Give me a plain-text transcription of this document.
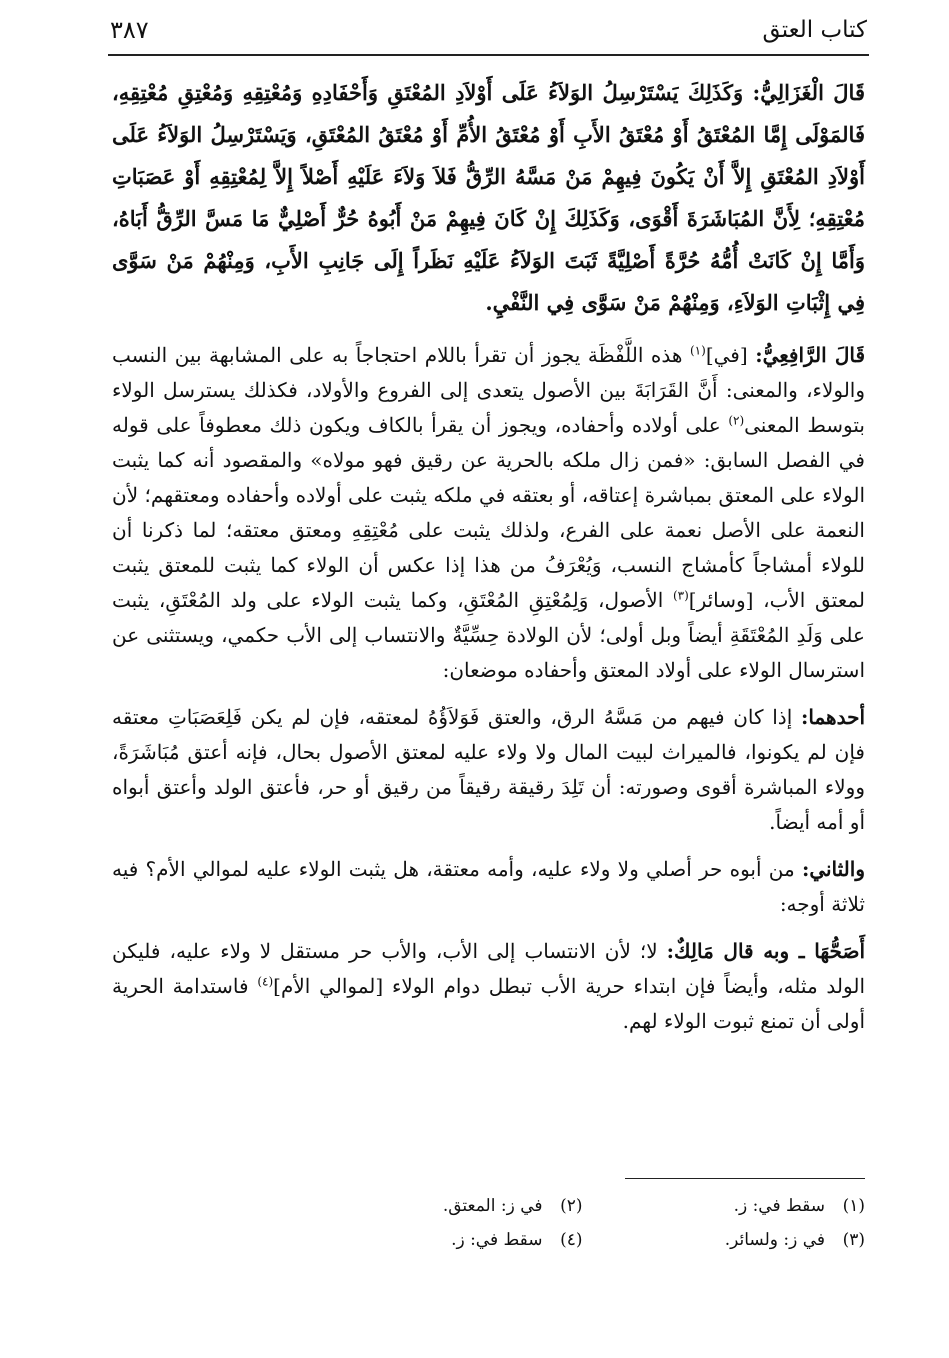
كتاب العتق
٣٨٧

قَالَ الْغَزَالِيُّ: وَكَذَلِكَ يَسْتَرْسِلُ الوَلاَءُ عَلَى أَوْلاَدِ المُعْتَقِ وَأَحْفَادِهِ وَمُعْتِقِهِ وَمُعْتِقِ مُعْتِقِهِ، فَالمَوْلَى إِمَّا المُعْتَقُ أَوْ مُعْتَقُ الأَبِ أَوْ مُعْتَقُ الأُمِّ أَوْ مُعْتَقُ المُعْتَقِ، وَيَسْتَرْسِلُ الوَلاَءُ عَلَى أَوْلاَدِ المُعْتَقِ إِلاَّ أَنْ يَكُونَ فِيهِمْ مَنْ مَسَّهُ الرِّقُّ فَلاَ وَلاَءَ عَلَيْهِ أَصْلاً إِلاَّ لِمُعْتِقِهِ أَوْ عَصَبَاتِ مُعْتِقِهِ؛ لِأَنَّ المُبَاشَرَةَ أَقْوَى، وَكَذَلِكَ إِنْ كَانَ فِيهِمْ مَنْ أَبُوهُ حُرٌّ أَصْلِيٌّ مَا مَسَّ الرِّقُّ أَبَاهُ، وَأَمَّا إِنْ كَانَتْ أُمُّهُ حُرَّةً أَصْلِيَّةً ثَبَتَ الوَلاَءُ عَلَيْهِ نَظَراً إِلَى جَانِبِ الأَبِ، وَمِنْهُمْ مَنْ سَوَّى فِي إِثْبَاتِ الوَلاَءِ، وَمِنْهُمْ مَنْ سَوَّى فِي النَّفْيِ.

قَالَ الرَّافِعِيُّ: [في]$^{(١)}$ هذه اللَّفْظَة يجوز أن تقرأ باللام احتجاجاً به على المشابهة بين النسب والولاء، والمعنى: أَنَّ القَرَابَةَ بين الأصول يتعدى إلى الفروع والأولاد، فكذلك يسترسل الولاء بتوسط المعنى$^{(٢)}$ على أولاده وأحفاده، ويجوز أن يقرأ بالكاف ويكون ذلك معطوفاً على قوله في الفصل السابق: «فمن زال ملكه بالحرية عن رقيق فهو مولاه» والمقصود أنه كما يثبت الولاء على المعتق بمباشرة إعتاقه، أو بعتقه في ملكه يثبت على أولاده وأحفاده ومعتقهم؛ لأن النعمة على الأصل نعمة على الفرع، ولذلك يثبت على مُعْتِقِهِ ومعتق معتقه؛ لما ذكرنا أن للولاء أمشاجاً كأمشاج النسب، وَيُعْرَفُ من هذا إذا عكس أن الولاء كما يثبت للمعتق يثبت لمعتق الأب، [وسائر]$^{(٣)}$ الأصول، وَلِمُعْتِقِ المُعْتَقِ، وكما يثبت الولاء على ولد المُعْتَقِ، يثبت على وَلَدِ المُعْتَقَةِ أيضاً وبل أولى؛ لأن الولادة حِسِّيَّةٌ والانتساب إلى الأب حكمي، ويستثنى عن استرسال الولاء على أولاد المعتق وأحفاده موضعان:

أحدهما: إذا كان فيهم من مَسَّهُ الرق، والعتق فَوَلاَؤُهُ لمعتقه، فإن لم يكن فَلِعَصَبَاتِ معتقه فإن لم يكونوا، فالميراث لبيت المال ولا ولاء عليه لمعتق الأصول بحال، فإنه أعتق مُبَاشَرَةً، وولاء المباشرة أقوى وصورته: أن تَلِدَ رقيقة رقيقاً من رقيق أو حر، فأعتق الولد وأعتق أبواه أو أمه أيضاً.

والثاني: من أبوه حر أصلي ولا ولاء عليه، وأمه معتقة، هل يثبت الولاء عليه لموالي الأم؟ فيه ثلاثة أوجه:

أَصَحُّهَا ـ وبه قال مَالِكٌ: لا؛ لأن الانتساب إلى الأب، والأب حر مستقل لا ولاء عليه، فليكن الولد مثله، وأيضاً فإن ابتداء حرية الأب تبطل دوام الولاء [لموالي الأم]$^{(٤)}$ فاستدامة الحرية أولى أن تمنع ثبوت الولاء لهم.

(١)
سقط في: ز.
(٢)
في ز: المعتق.
(٣)
في ز: ولسائر.
(٤)
سقط في: ز.
